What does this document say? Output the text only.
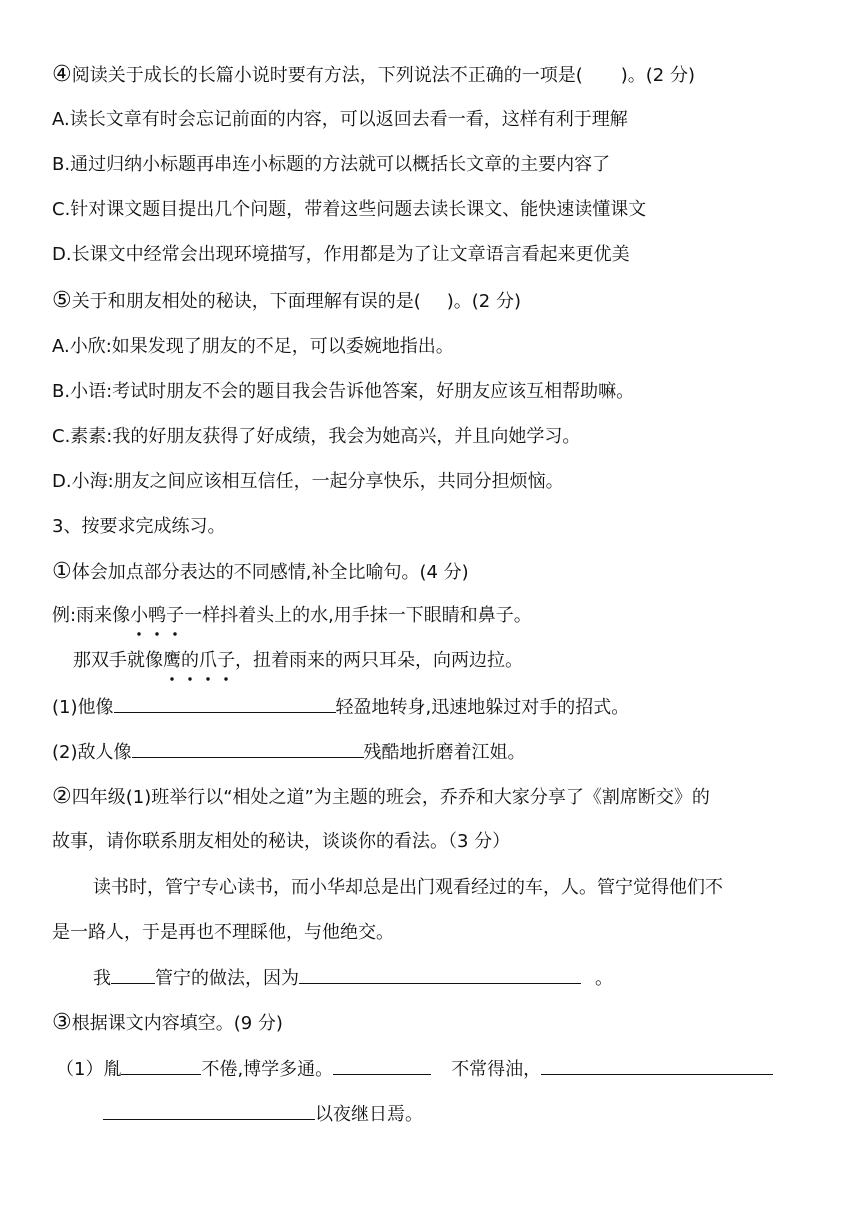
④阅读关于成长的长篇小说时要有方法，下列说法不正确的一项是( )。(2 分)
A.读长文章有时会忘记前面的内容，可以返回去看一看，这样有利于理解
B.通过归纳小标题再串连小标题的方法就可以概括长文章的主要内容了
C.针对课文题目提出几个问题，带着这些问题去读长课文、能快速读懂课文
D.长课文中经常会出现环境描写，作用都是为了让文章语言看起来更优美
⑤关于和朋友相处的秘诀，下面理解有误的是( )。(2 分)
A.小欣:如果发现了朋友的不足，可以委婉地指出。
B.小语:考试时朋友不会的题目我会告诉他答案，好朋友应该互相帮助嘛。
C.素素:我的好朋友获得了好成绩，我会为她高兴，并且向她学习。
D.小海:朋友之间应该相互信任，一起分享快乐，共同分担烦恼。
3、按要求完成练习。
①体会加点部分表达的不同感情,补全比喻句。(4 分)
例:雨来像小鸭子
一样抖着头上的水,用手抹一下眼睛和鼻子。
那双手就像鹰的爪子
，扭着雨来的两只耳朵，向两边拉。
(1)他像	轻盈地转身,迅速地躲过对手的招式。
(2)敌人像	残酷地折磨着江姐。
②四年级(1)班举行以“相处之道”为主题的班会，乔乔和大家分享了《割席断交》的
故事，请你联系朋友相处的秘诀，谈谈你的看法。（3 分）
读书时，管宁专心读书，而小华却总是出门观看经过的车，人。管宁觉得他们不
是一路人，于是再也不理睬他，与他绝交。
我 管宁的做法，因为	。
③根据课文内容填空。(9 分)
（1）胤	不倦,博学多通。	不常得油，
以夜继日焉。
